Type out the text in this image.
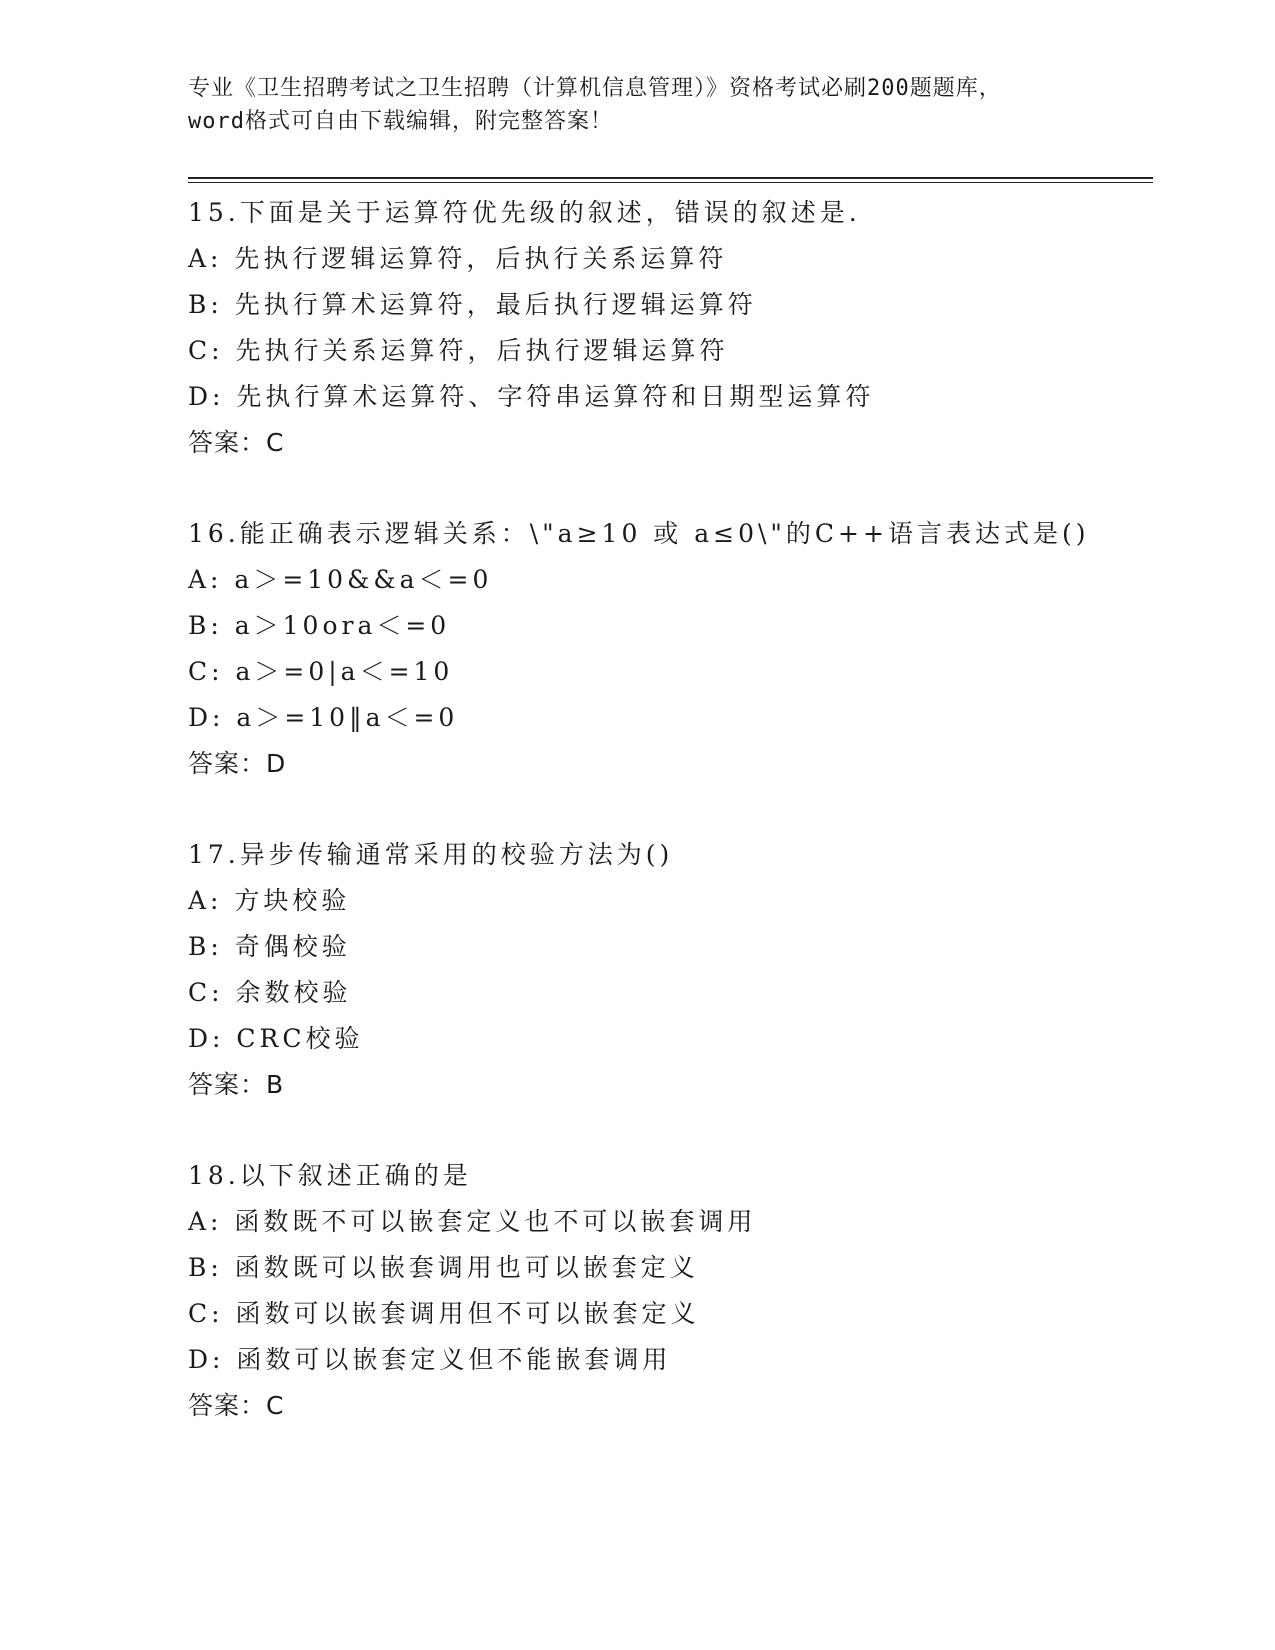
专业《卫生招聘考试之卫生招聘（计算机信息管理）》资格考试必刷200题题库，
word格式可自由下载编辑，附完整答案！
15.下面是关于运算符优先级的叙述，错误的叙述是.
A: 先执行逻辑运算符，后执行关系运算符
B: 先执行算术运算符，最后执行逻辑运算符
C: 先执行关系运算符，后执行逻辑运算符
D: 先执行算术运算符、字符串运算符和日期型运算符
答案：C
16.能正确表示逻辑关系：\"a≥10 或 a≤0\"的C++语言表达式是()
A: a＞=10&&a＜=0
B: a＞10ora＜=0
C: a＞=0|a＜=10
D: a＞=10‖a＜=0
答案：D
17.异步传输通常采用的校验方法为()
A: 方块校验
B: 奇偶校验
C: 余数校验
D: CRC校验
答案：B
18.以下叙述正确的是
A: 函数既不可以嵌套定义也不可以嵌套调用
B: 函数既可以嵌套调用也可以嵌套定义
C: 函数可以嵌套调用但不可以嵌套定义
D: 函数可以嵌套定义但不能嵌套调用
答案：C
